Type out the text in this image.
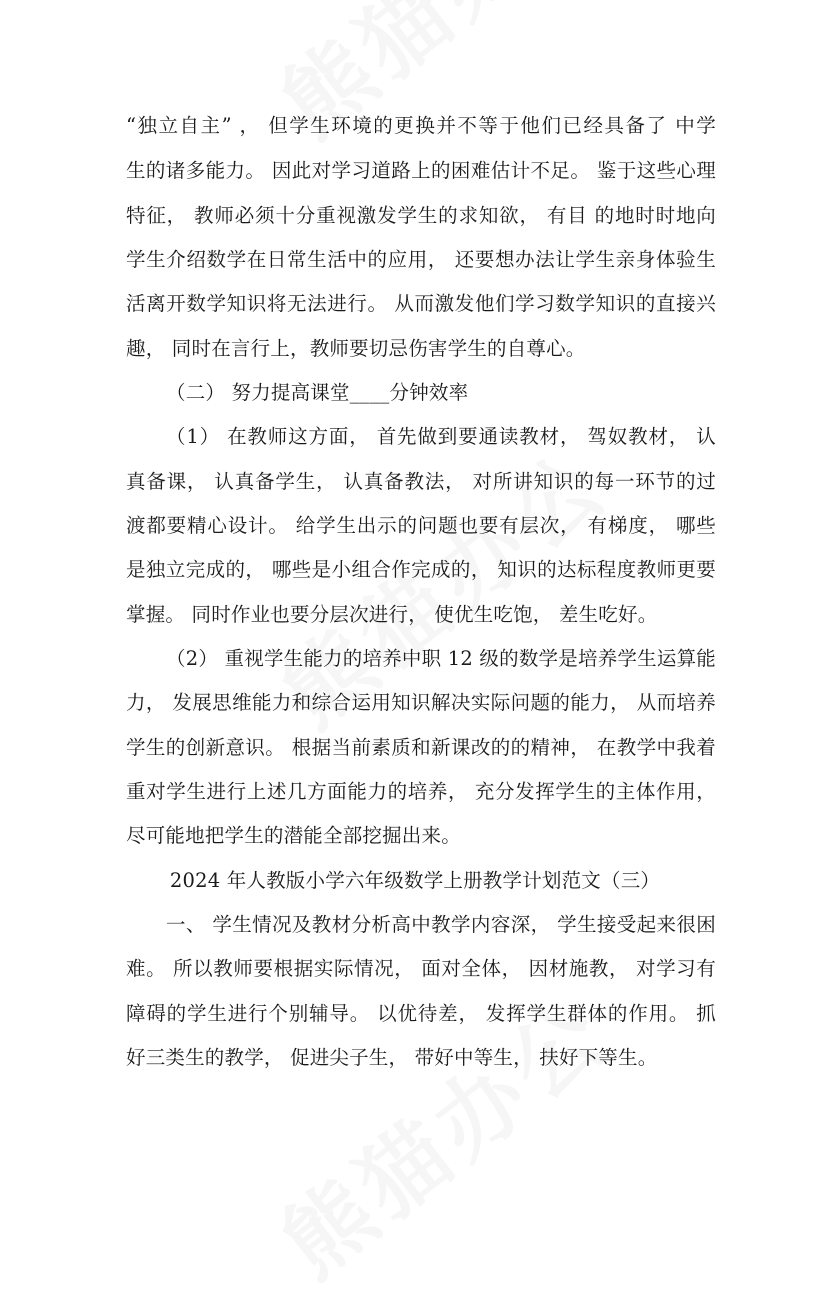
“独立自主” ， 但学生环境的更换并不等于他们已经具备了 中学
生的诸多能力。 因此对学习道路上的困难估计不足。 鉴于这些心理
特征， 教师必须十分重视激发学生的求知欲， 有目 的地时时地向
学生介绍数学在日常生活中的应用， 还要想办法让学生亲身体验生
活离开数学知识将无法进行。 从而激发他们学习数学知识的直接兴
趣， 同时在言行上，教师要切忌伤害学生的自尊心。
（二） 努力提高课堂____分钟效率
（1） 在教师这方面， 首先做到要通读教材， 驾奴教材， 认
真备课， 认真备学生， 认真备教法， 对所讲知识的每一环节的过
渡都要精心设计。 给学生出示的问题也要有层次， 有梯度， 哪些
是独立完成的， 哪些是小组合作完成的， 知识的达标程度教师更要
掌握。 同时作业也要分层次进行， 使优生吃饱， 差生吃好。
（2） 重视学生能力的培养中职 12 级的数学是培养学生运算能
力， 发展思维能力和综合运用知识解决实际问题的能力， 从而培养
学生的创新意识。 根据当前素质和新课改的的精神， 在教学中我着
重对学生进行上述几方面能力的培养， 充分发挥学生的主体作用，
尽可能地把学生的潜能全部挖掘出来。
2024 年人教版小学六年级数学上册教学计划范文（三）
一、 学生情况及教材分析高中教学内容深， 学生接受起来很困
难。 所以教师要根据实际情况， 面对全体， 因材施教， 对学习有
障碍的学生进行个别辅导。 以优待差， 发挥学生群体的作用。 抓
好三类生的教学， 促进尖子生， 带好中等生， 扶好下等生。
